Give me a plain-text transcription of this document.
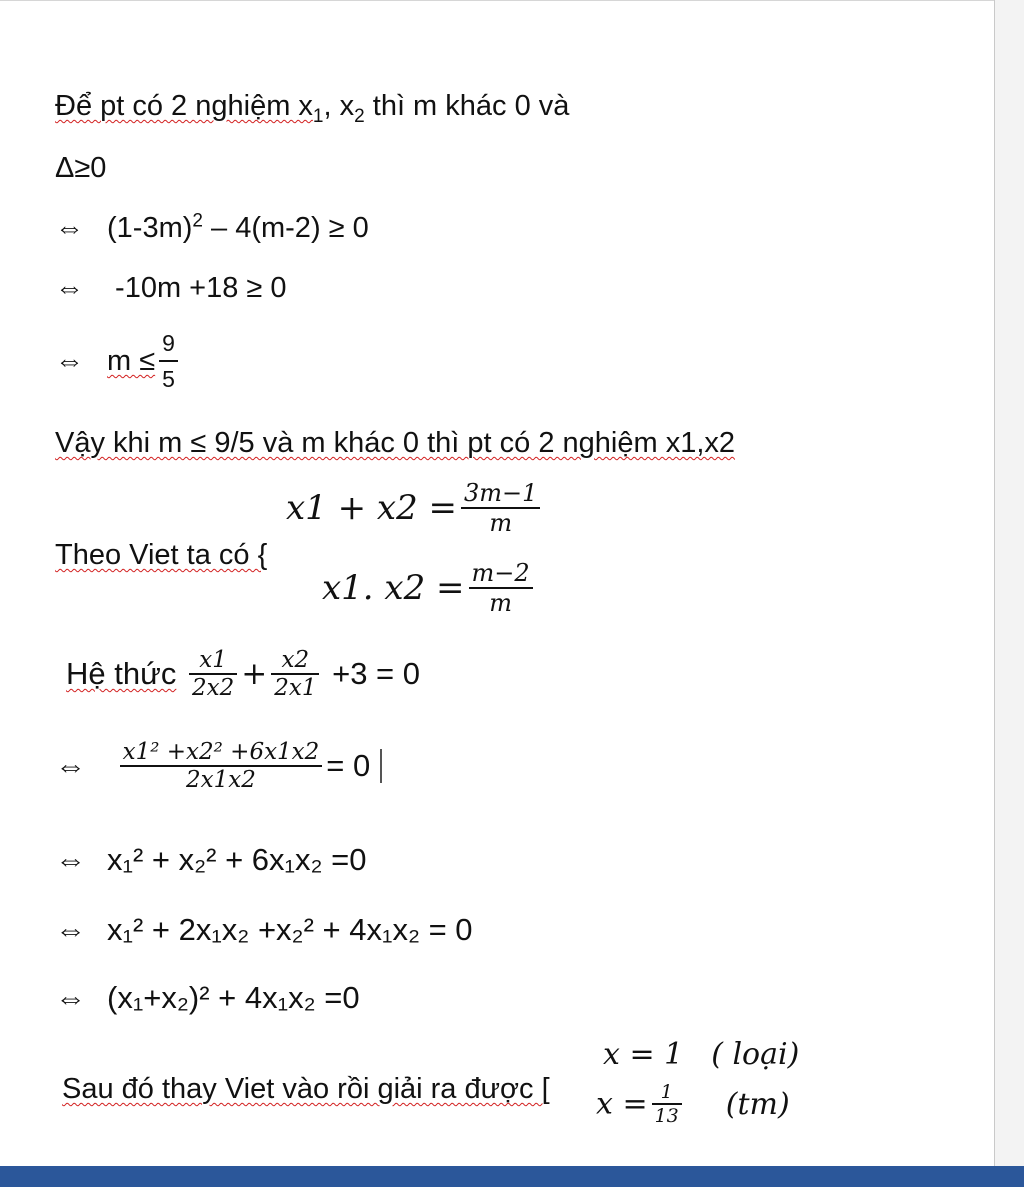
Để pt có 2 nghiệm $x_1$, $x_2$ thì m khác 0 và
Δ≥0
⇔ $(1-3m)^2 - 4(m-2) \ge 0$
⇔ -10m +18 ≥ 0
⇔ $m \le \frac{9}{5}$
Vậy khi m ≤ 9/5 và m khác 0 thì pt có 2 nghiệm x1,x2
Theo Viet ta có {
$x1 + x2 = \frac{3m-1}{m}$
x1. $x2 = \frac{m-2}{m}$
Hệ thức $\frac{x1}{2x2} + \frac{x2}{2x1} +3 = 0$
⇔ $\frac{\text{x1² +x2² +6x1x2}}{2x1x2} = 0$
⇔ x₁² + x₂² + 6x₁x₂ =0
⇔ x₁² + 2x₁x₂ +x₂² + 4x₁x₂ = 0
⇔ (x₁+x₂)² + 4x₁x₂ =0
Sau đó thay Viet vào rồi giải ra được [
x = 1 ( loại)
$x = \frac{1}{13} (tm)$
